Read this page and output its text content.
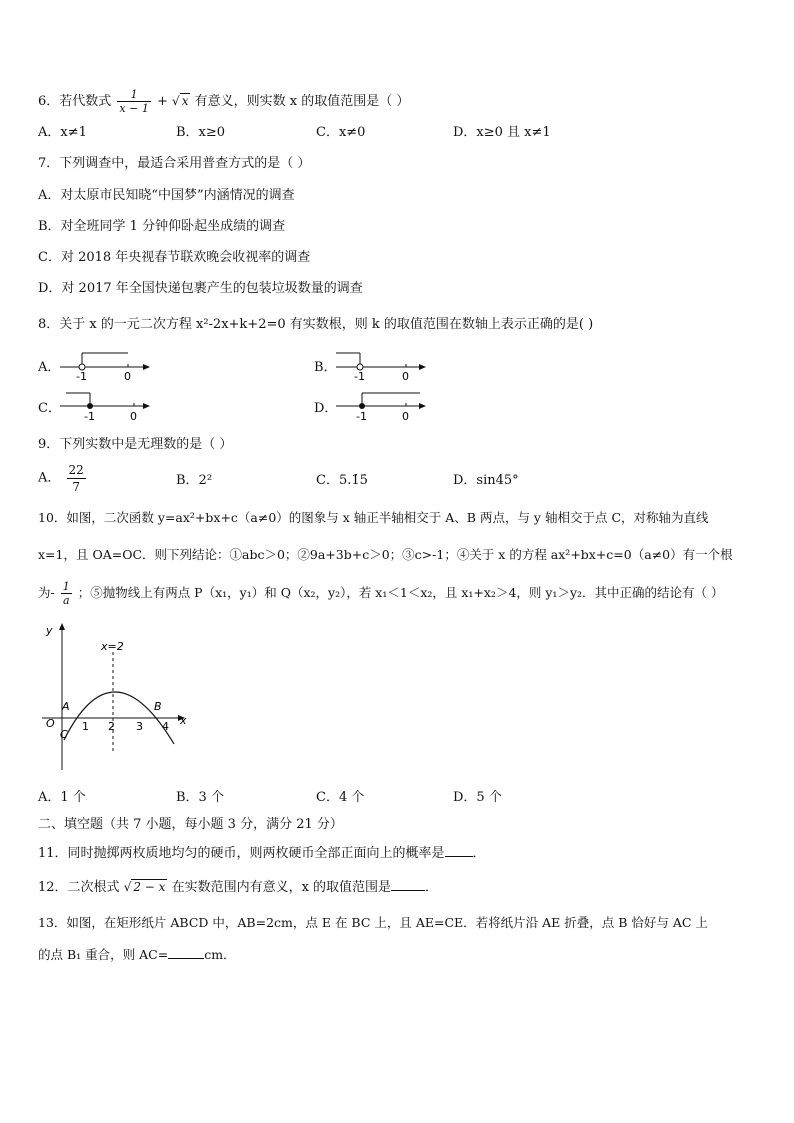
6．若代数式 $\frac{1}{x - 1}$ + √ x 有意义，则实数 x 的取值范围是（ ）
A．x≠1	B．x≥0	C．x≠0	D．x≥0 且 x≠1
7．下列调查中，最适合采用普查方式的是（ ）
A．对太原市民知晓“中国梦”内涵情况的调查
B．对全班同学 1 分钟仰卧起坐成绩的调查
C．对 2018 年央视春节联欢晚会收视率的调查
D．对 2017 年全国快递包裹产生的包装垃圾数量的调查
8．关于 x 的一元二次方程 x²-2x+k+2=0 有实数根，则 k 的取值范围在数轴上表示正确的是( )
A．
-1	0
B．
-1	0
C．
-1	0
D．
-1	0
9．下列实数中是无理数的是（ ）
A． $\frac{22}{7}$	B．2²	C．5.1̇5̇	D．sin45°
10．如图，二次函数 y=ax²+bx+c（a≠0）的图象与 x 轴正半轴相交于 A、B 两点，与 y 轴相交于点 C，对称轴为直线
x=1，且 OA=OC．则下列结论：①abc＞0；②9a+3b+c＞0；③c>-1；④关于 x 的方程 ax²+bx+c=0（a≠0）有一个根
为- $\frac{1}{a}$ ；⑤抛物线上有两点 P（x₁，y₁）和 Q（x₂，y₂），若 x₁＜1＜x₂，且 x₁+x₂＞4，则 y₁＞y₂．其中正确的结论有（ ）
y
x
x=2
O
A	B
C
1 2 3 4
A．1 个	B．3 个	C．4 个	D．5 个
二、填空题（共 7 小题，每小题 3 分，满分 21 分）
11．同时抛掷两枚质地均匀的硬币，则两枚硬币全部正面向上的概率是 ．
12．二次根式 √ 2 − x 在实数范围内有意义，x 的取值范围是	．
13．如图，在矩形纸片 ABCD 中，AB=2cm，点 E 在 BC 上，且 AE=CE．若将纸片沿 AE 折叠，点 B 恰好与 AC 上
的点 B₁ 重合，则 AC=	cm．
